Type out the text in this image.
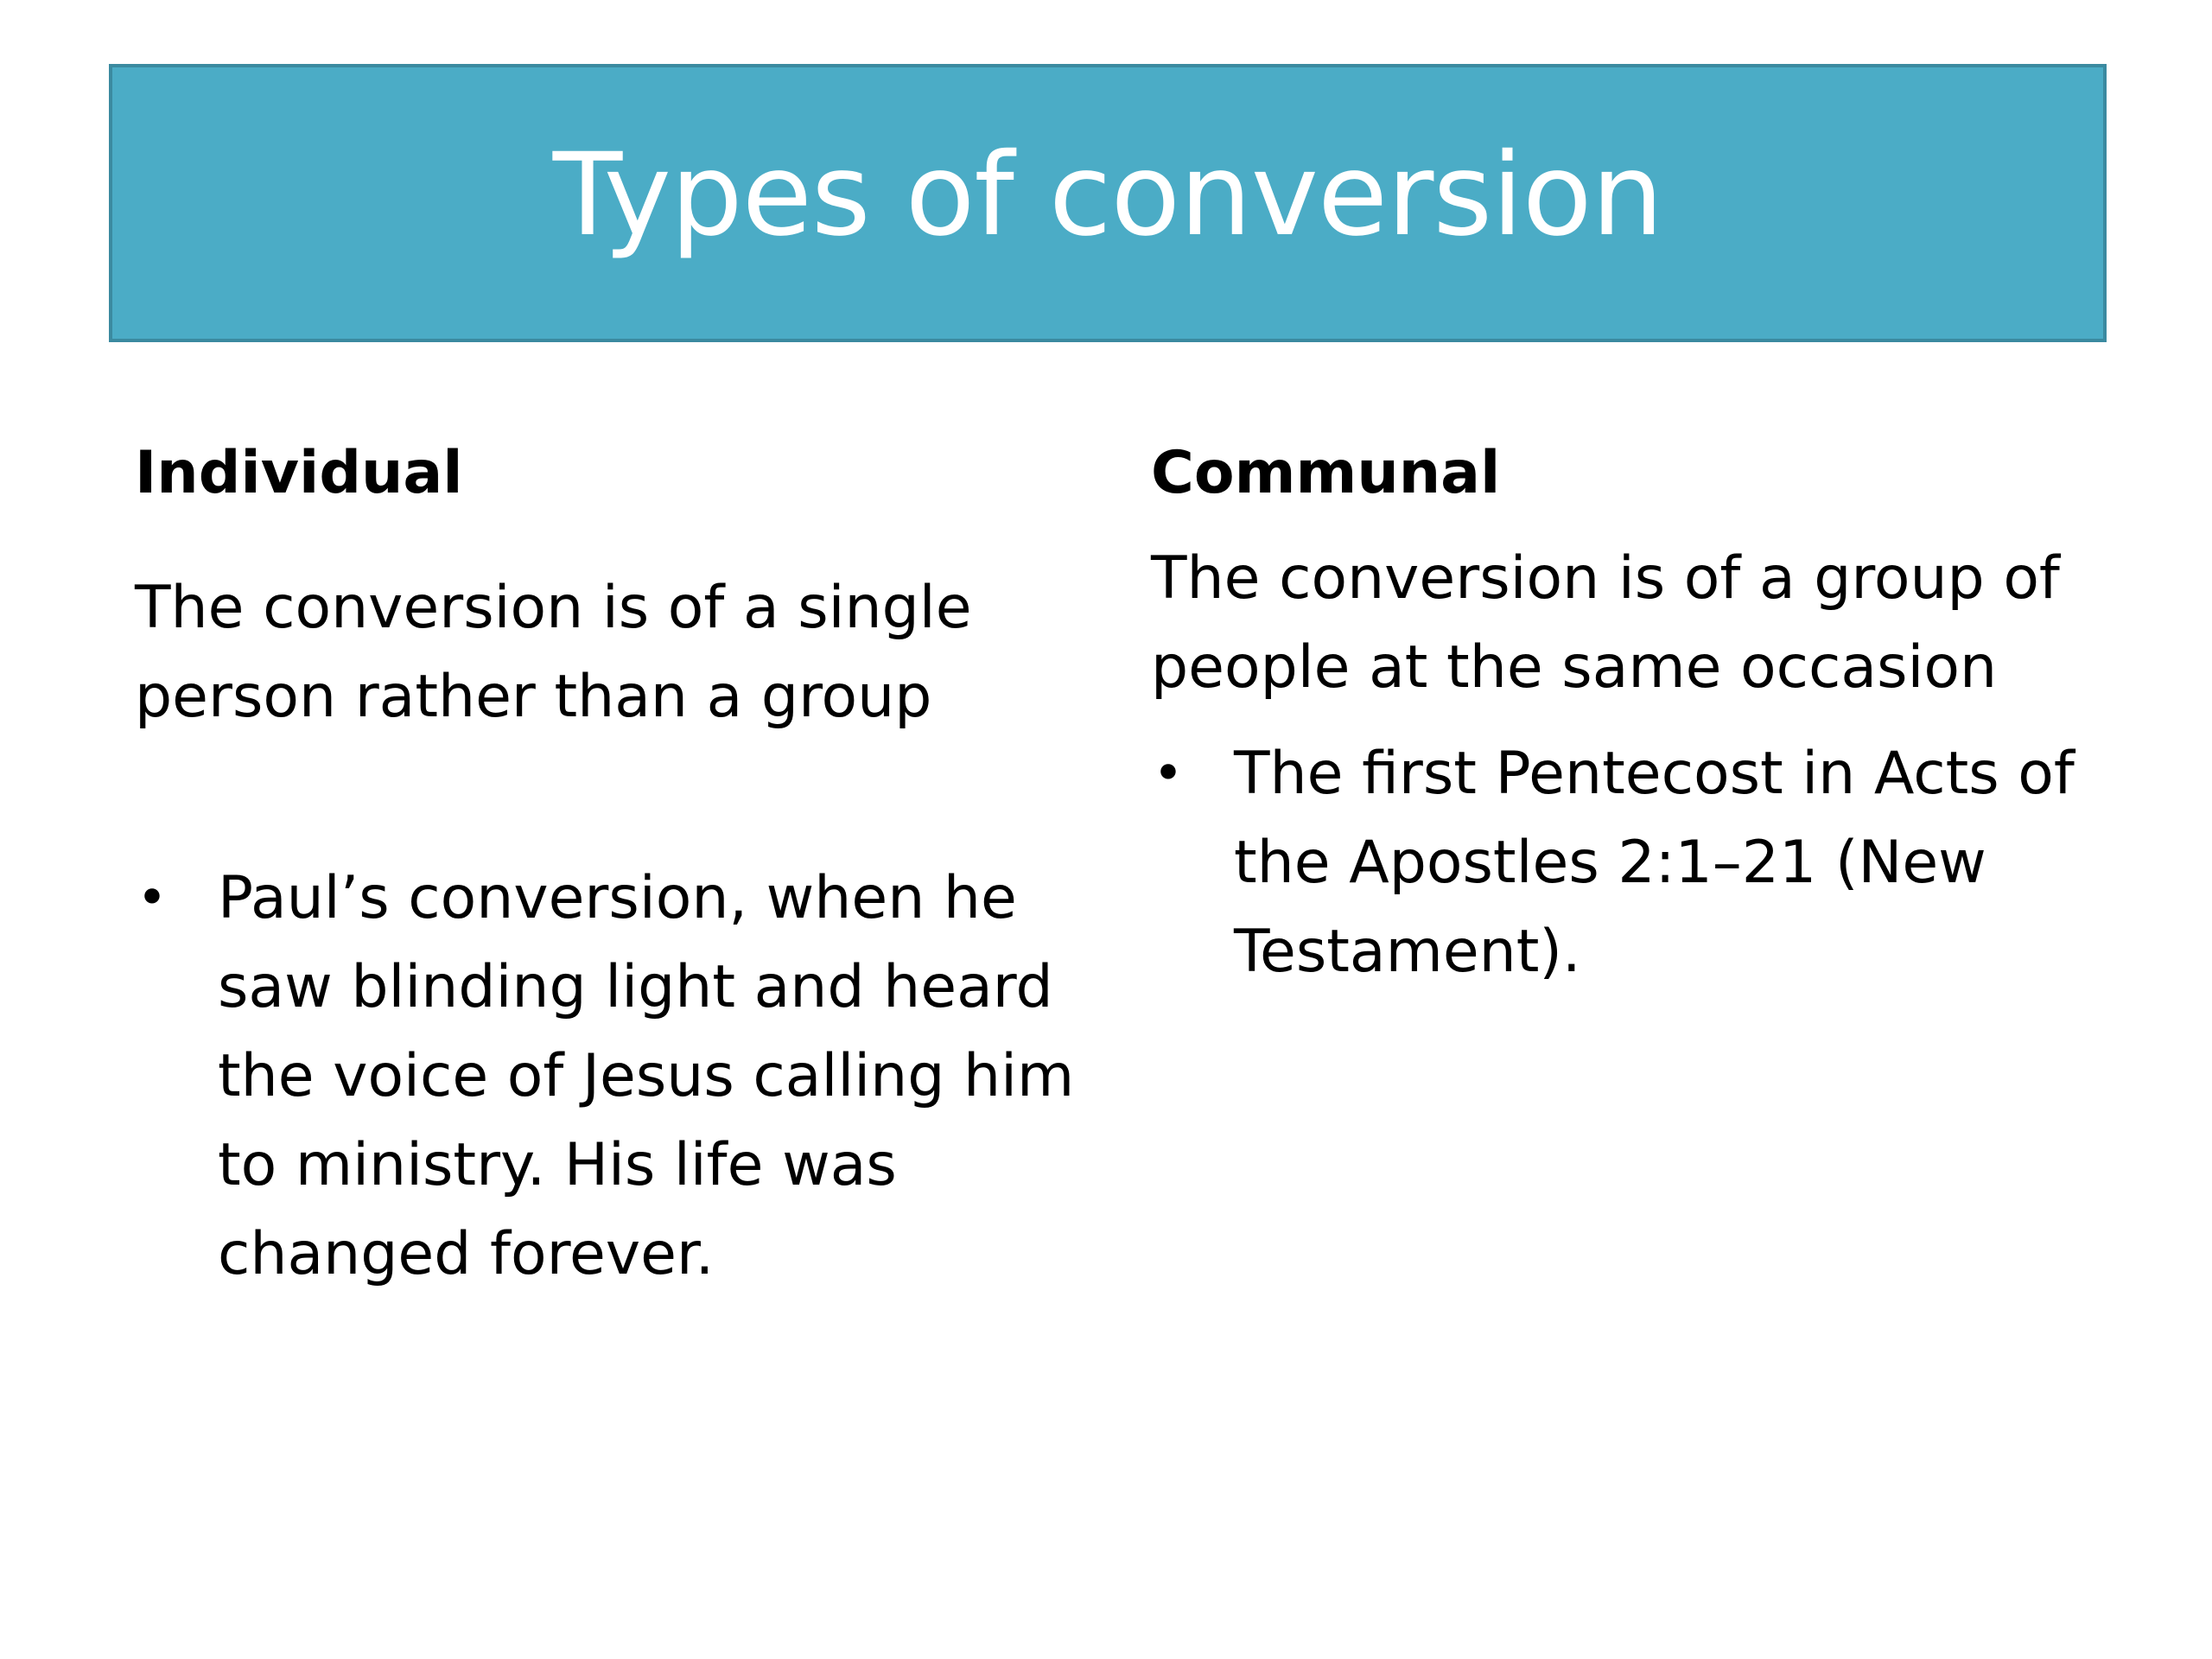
Types of conversion

Individual

The conversion is of a single person rather than a group

• Paul’s conversion, when he saw blinding light and heard the voice of Jesus calling him to ministry. His life was changed forever.

Communal

The conversion is of a group of people at the same occasion

• The first Pentecost in Acts of the Apostles 2:1–21 (New Testament).
